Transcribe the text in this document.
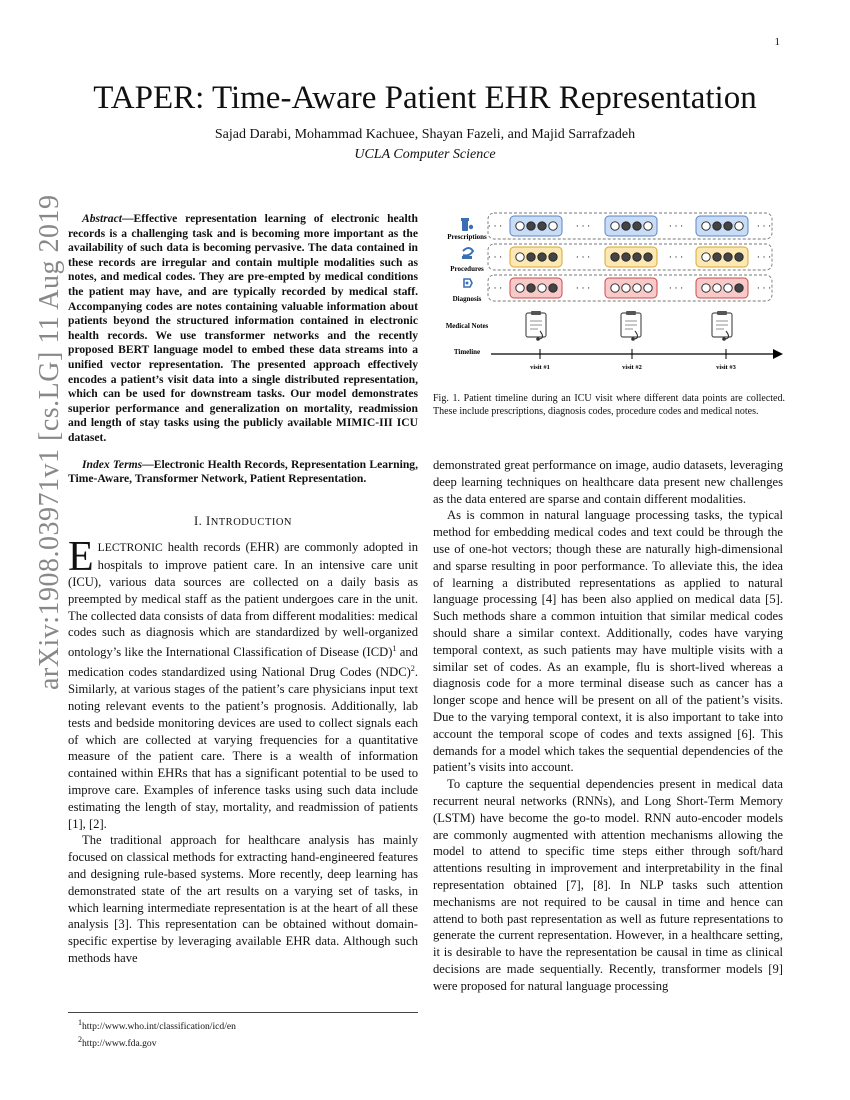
1
arXiv:1908.03971v1 [cs.LG] 11 Aug 2019
TAPER: Time-Aware Patient EHR Representation
Sajad Darabi, Mohammad Kachuee, Shayan Fazeli, and Majid Sarrafzadeh
UCLA Computer Science

Abstract—Effective representation learning of electronic health records is a challenging task and is becoming more important as the availability of such data is becoming pervasive. The data contained in these records are irregular and contain multiple modalities such as notes, and medical codes. They are pre-empted by medical conditions the patient may have, and are typically recorded by medical staff. Accompanying codes are notes containing valuable information about patients beyond the structured information contained in electronic health records. We use transformer networks and the recently proposed BERT language model to embed these data streams into a unified vector representation. The presented approach effectively encodes a patient’s visit data into a single distributed representation, which can be used for downstream tasks. Our model demonstrates superior performance and generalization on mortality, readmission and length of stay tasks using the publicly available MIMIC-III ICU dataset.

Index Terms—Electronic Health Records, Representation Learning, Time-Aware, Transformer Network, Patient Representation.

I. INTRODUCTION

ELECTRONIC health records (EHR) are commonly adopted in hospitals to improve patient care. In an intensive care unit (ICU), various data sources are collected on a daily basis as preempted by medical staff as the patient undergoes care in the unit. The collected data consists of data from different modalities: medical codes such as diagnosis which are standardized by well-organized ontology’s like the International Classification of Disease (ICD)$^1$ and medication codes standardized using National Drug Codes (NDC)$^2$. Similarly, at various stages of the patient’s care physicians input text noting relevant events to the patient’s prognosis. Additionally, lab tests and bedside monitoring devices are used to collect signals each of which are collected at varying frequencies for a quantitative measure of the patient care. There is a wealth of information contained within EHRs that has a significant potential to be used to improve care. Examples of inference tasks using such data include estimating the length of stay, mortality, and readmission of patients [1], [2].

The traditional approach for healthcare analysis has mainly focused on classical methods for extracting hand-engineered features and designing rule-based systems. More recently, deep learning has demonstrated state of the art results on a varying set of tasks, in which learning intermediate representation is at the heart of all these analysis [3]. This representation can be obtained without domain-specific expertise by leveraging available EHR data. Although such methods have

$^1$http://www.who.int/classification/icd/en
$^2$http://www.fda.gov
Prescriptions
Procedures
Diagnosis
Medical Notes
Timeline
· · ·	· · ·	· · ·	· · ·
· · ·	· · ·	· · ·	· · ·
· · ·	· · ·	· · ·	· · ·
visit #1	visit #2	visit #3
Fig. 1. Patient timeline during an ICU visit where different data points are collected. These include prescriptions, diagnosis codes, procedure codes and medical notes.

demonstrated great performance on image, audio datasets, leveraging deep learning techniques on healthcare data present new challenges as the data entered are sparse and contain different modalities.

As is common in natural language processing tasks, the typical method for embedding medical codes and text could be through the use of one-hot vectors; though these are naturally high-dimensional and sparse resulting in poor performance. To alleviate this, the idea of learning a distributed representations as applied to natural language processing [4] has been also applied on medical data [5]. Such methods share a common intuition that similar medical codes should share a similar context. Additionally, codes have varying temporal context, as such patients may have multiple visits with a similar set of codes. As an example, flu is short-lived whereas a diagnosis code for a more terminal disease such as cancer has a longer scope and hence will be present on all of the patient’s visits. Due to the varying temporal context, it is also important to take into account the temporal scope of codes and texts assigned [6]. This demands for a model which takes the sequential dependencies of the patient’s visits into account.

To capture the sequential dependencies present in medical data recurrent neural networks (RNNs), and Long Short-Term Memory (LSTM) have become the go-to model. RNN auto-encoder models are commonly augmented with attention mechanisms allowing the model to attend to specific time steps either through soft/hard attentions resulting in improvement and interpretability in the final representation obtained [7], [8]. In NLP tasks such attention mechanisms are not required to be causal in time and hence can attend to both past representation as well as future representations to generate the current representation. However, in a healthcare setting, it is desirable to have the representation be causal in time as clinical decisions are made sequentially. Recently, transformer models [9] were proposed for natural language processing
